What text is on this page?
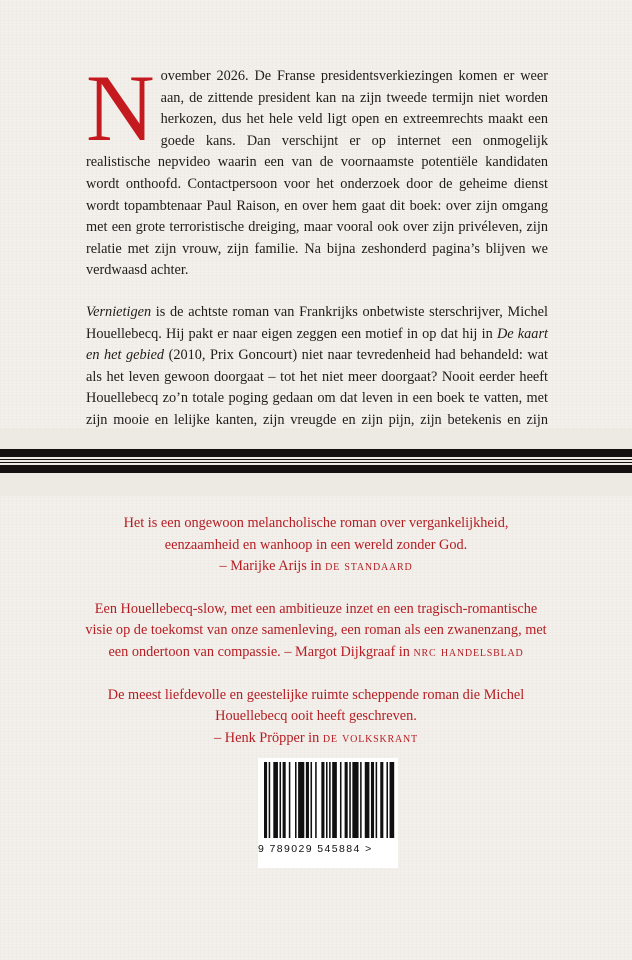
November 2026. De Franse presidentsverkiezingen komen er weer aan, de zittende president kan na zijn tweede termijn niet worden herkozen, dus het hele veld ligt open en extreemrechts maakt een goede kans. Dan verschijnt er op internet een onmogelijk realistische nepvideo waarin een van de voornaamste potentiële kandidaten wordt onthoofd. Contactpersoon voor het onderzoek door de geheime dienst wordt topambtenaar Paul Raison, en over hem gaat dit boek: over zijn omgang met een grote terroristische dreiging, maar vooral ook over zijn privéleven, zijn relatie met zijn vrouw, zijn familie. Na bijna zeshonderd pagina’s blijven we verdwaasd achter.

Vernietigen is de achtste roman van Frankrijks onbetwiste sterschrijver, Michel Houellebecq. Hij pakt er naar eigen zeggen een motief in op dat hij in De kaart en het gebied (2010, Prix Goncourt) niet naar tevredenheid had behandeld: wat als het leven gewoon doorgaat – tot het niet meer doorgaat? Nooit eerder heeft Houellebecq zo’n totale poging gedaan om dat leven in een boek te vatten, met zijn mooie en lelijke kanten, zijn vreugde en zijn pijn, zijn betekenis en zijn

Het is een ongewoon melancholische roman over vergankelijkheid,
eenzaamheid en wanhoop in een wereld zonder God.
– Marijke Arijs in de standaard

Een Houellebecq-slow, met een ambitieuze inzet en een tragisch-romantische
visie op de toekomst van onze samenleving, een roman als een zwanenzang, met
een ondertoon van compassie. – Margot Dijkgraaf in nrc handelsblad

De meest liefdevolle en geestelijke ruimte scheppende roman die Michel
Houellebecq ooit heeft geschreven.
– Henk Pröpper in de volkskrant

9 789029 545884 >
